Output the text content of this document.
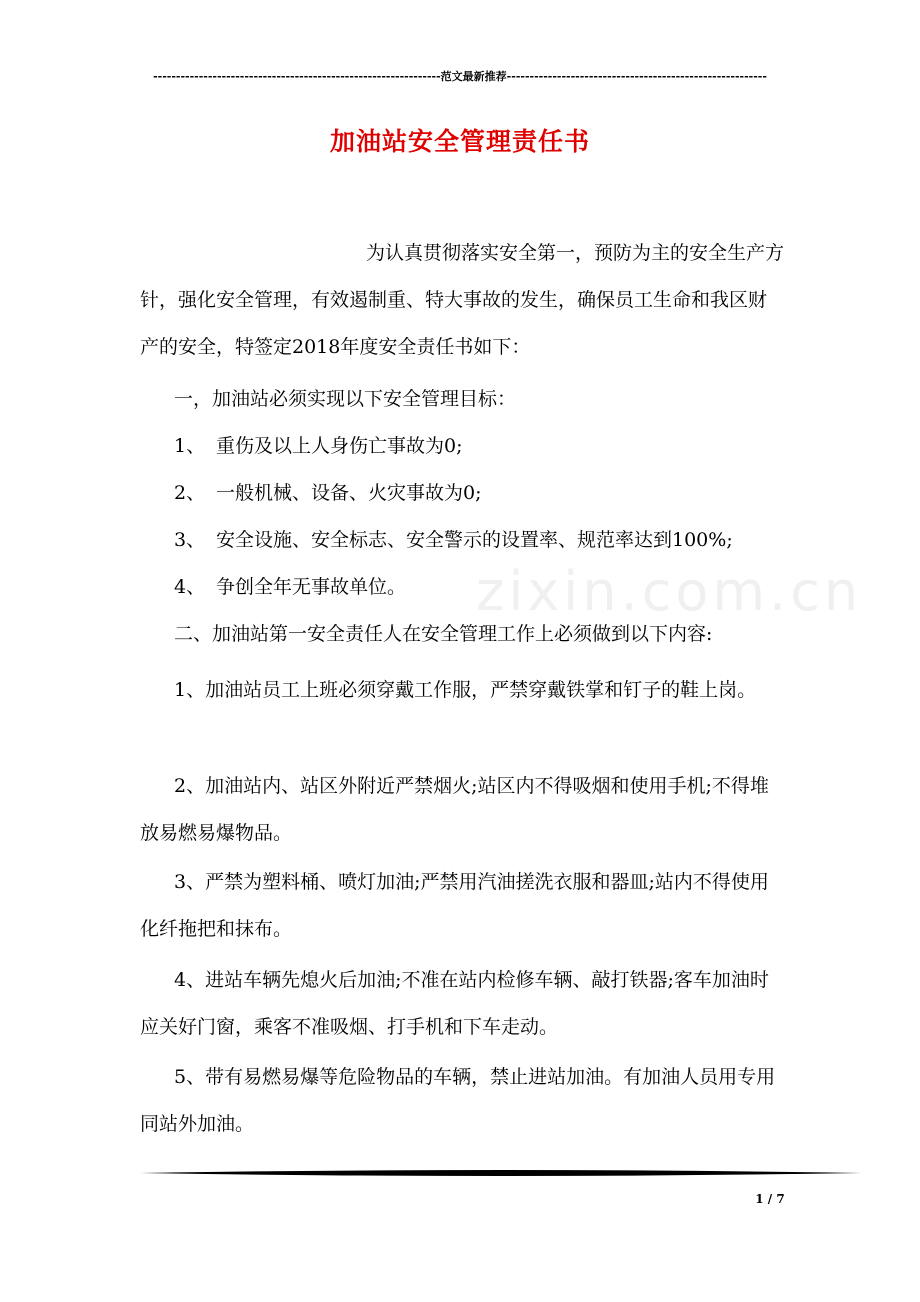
---------------------------------------------------------------范文最新推荐---------------------------------------------------------
加油站安全管理责任书
zixin.com.cn

为认真贯彻落实安全第一，预防为主的安全生产方针，强化安全管理，有效遏制重、特大事故的发生，确保员工生命和我区财产的安全，特签定2018年度安全责任书如下：

一，加油站必须实现以下安全管理目标：

1、 重伤及以上人身伤亡事故为0;

2、 一般机械、设备、火灾事故为0;

3、 安全设施、安全标志、安全警示的设置率、规范率达到100%;

4、 争创全年无事故单位。

二、加油站第一安全责任人在安全管理工作上必须做到以下内容:

1、加油站员工上班必须穿戴工作服，严禁穿戴铁掌和钉子的鞋上岗。

2、加油站内、站区外附近严禁烟火;站区内不得吸烟和使用手机;不得堆放易燃易爆物品。

3、严禁为塑料桶、喷灯加油;严禁用汽油搓洗衣服和器皿;站内不得使用化纤拖把和抹布。

4、进站车辆先熄火后加油;不准在站内检修车辆、敲打铁器;客车加油时应关好门窗，乘客不准吸烟、打手机和下车走动。

5、带有易燃易爆等危险物品的车辆，禁止进站加油。有加油人员用专用同站外加油。

1 / 7
